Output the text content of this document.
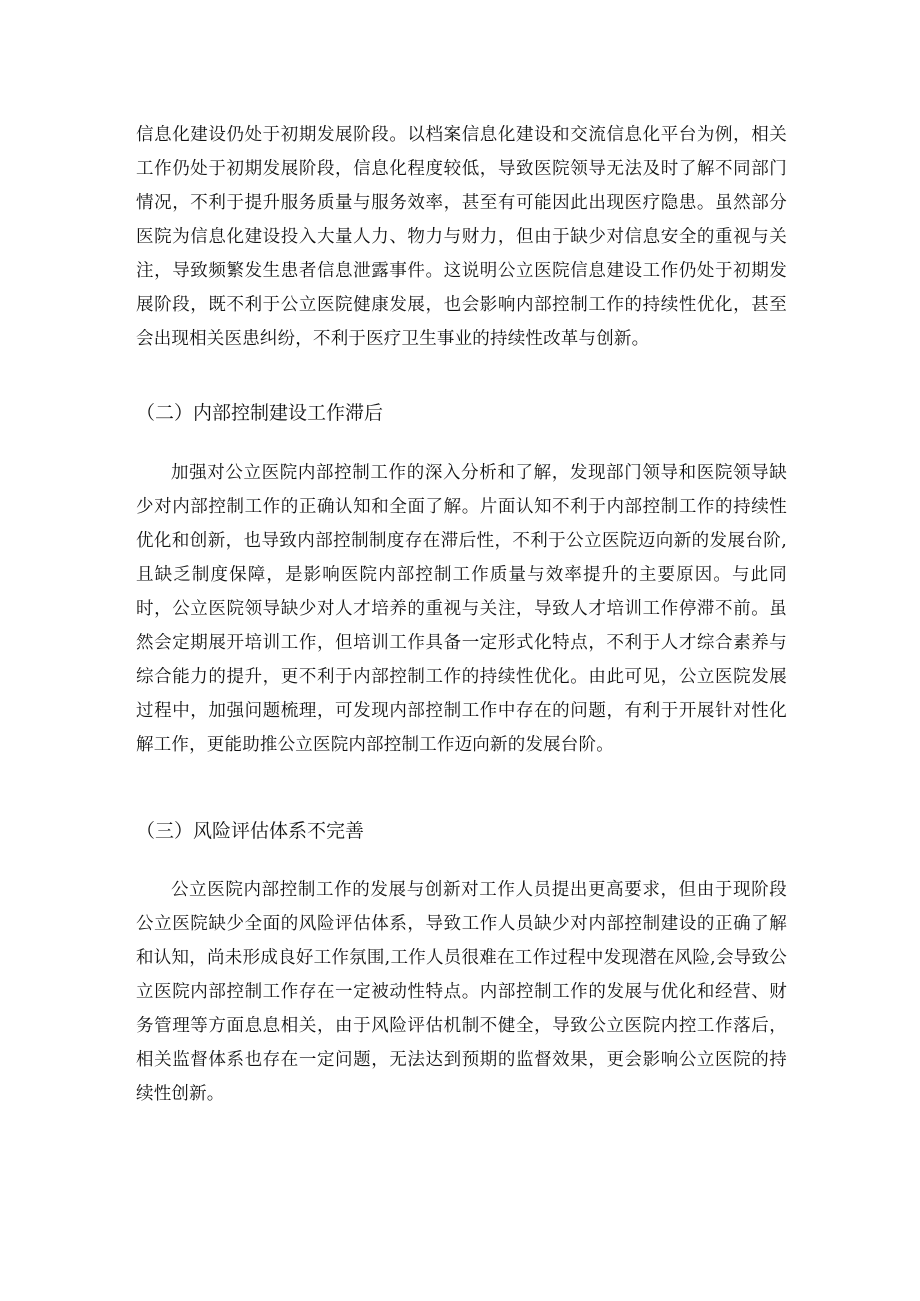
信息化建设仍处于初期发展阶段。以档案信息化建设和交流信息化平台为例，相关工作仍处于初期发展阶段，信息化程度较低，导致医院领导无法及时了解不同部门情况，不利于提升服务质量与服务效率，甚至有可能因此出现医疗隐患。虽然部分医院为信息化建设投入大量人力、物力与财力，但由于缺少对信息安全的重视与关注，导致频繁发生患者信息泄露事件。这说明公立医院信息建设工作仍处于初期发展阶段，既不利于公立医院健康发展，也会影响内部控制工作的持续性优化，甚至会出现相关医患纠纷，不利于医疗卫生事业的持续性改革与创新。

（二）内部控制建设工作滞后

加强对公立医院内部控制工作的深入分析和了解，发现部门领导和医院领导缺少对内部控制工作的正确认知和全面了解。片面认知不利于内部控制工作的持续性优化和创新，也导致内部控制制度存在滞后性，不利于公立医院迈向新的发展台阶,且缺乏制度保障，是影响医院内部控制工作质量与效率提升的主要原因。与此同时，公立医院领导缺少对人才培养的重视与关注，导致人才培训工作停滞不前。虽然会定期展开培训工作，但培训工作具备一定形式化特点，不利于人才综合素养与综合能力的提升，更不利于内部控制工作的持续性优化。由此可见，公立医院发展过程中，加强问题梳理，可发现内部控制工作中存在的问题，有利于开展针对性化解工作，更能助推公立医院内部控制工作迈向新的发展台阶。

（三）风险评估体系不完善

公立医院内部控制工作的发展与创新对工作人员提出更高要求，但由于现阶段公立医院缺少全面的风险评估体系，导致工作人员缺少对内部控制建设的正确了解和认知，尚未形成良好工作氛围,工作人员很难在工作过程中发现潜在风险,会导致公立医院内部控制工作存在一定被动性特点。内部控制工作的发展与优化和经营、财务管理等方面息息相关，由于风险评估机制不健全，导致公立医院内控工作落后，相关监督体系也存在一定问题，无法达到预期的监督效果，更会影响公立医院的持续性创新。
